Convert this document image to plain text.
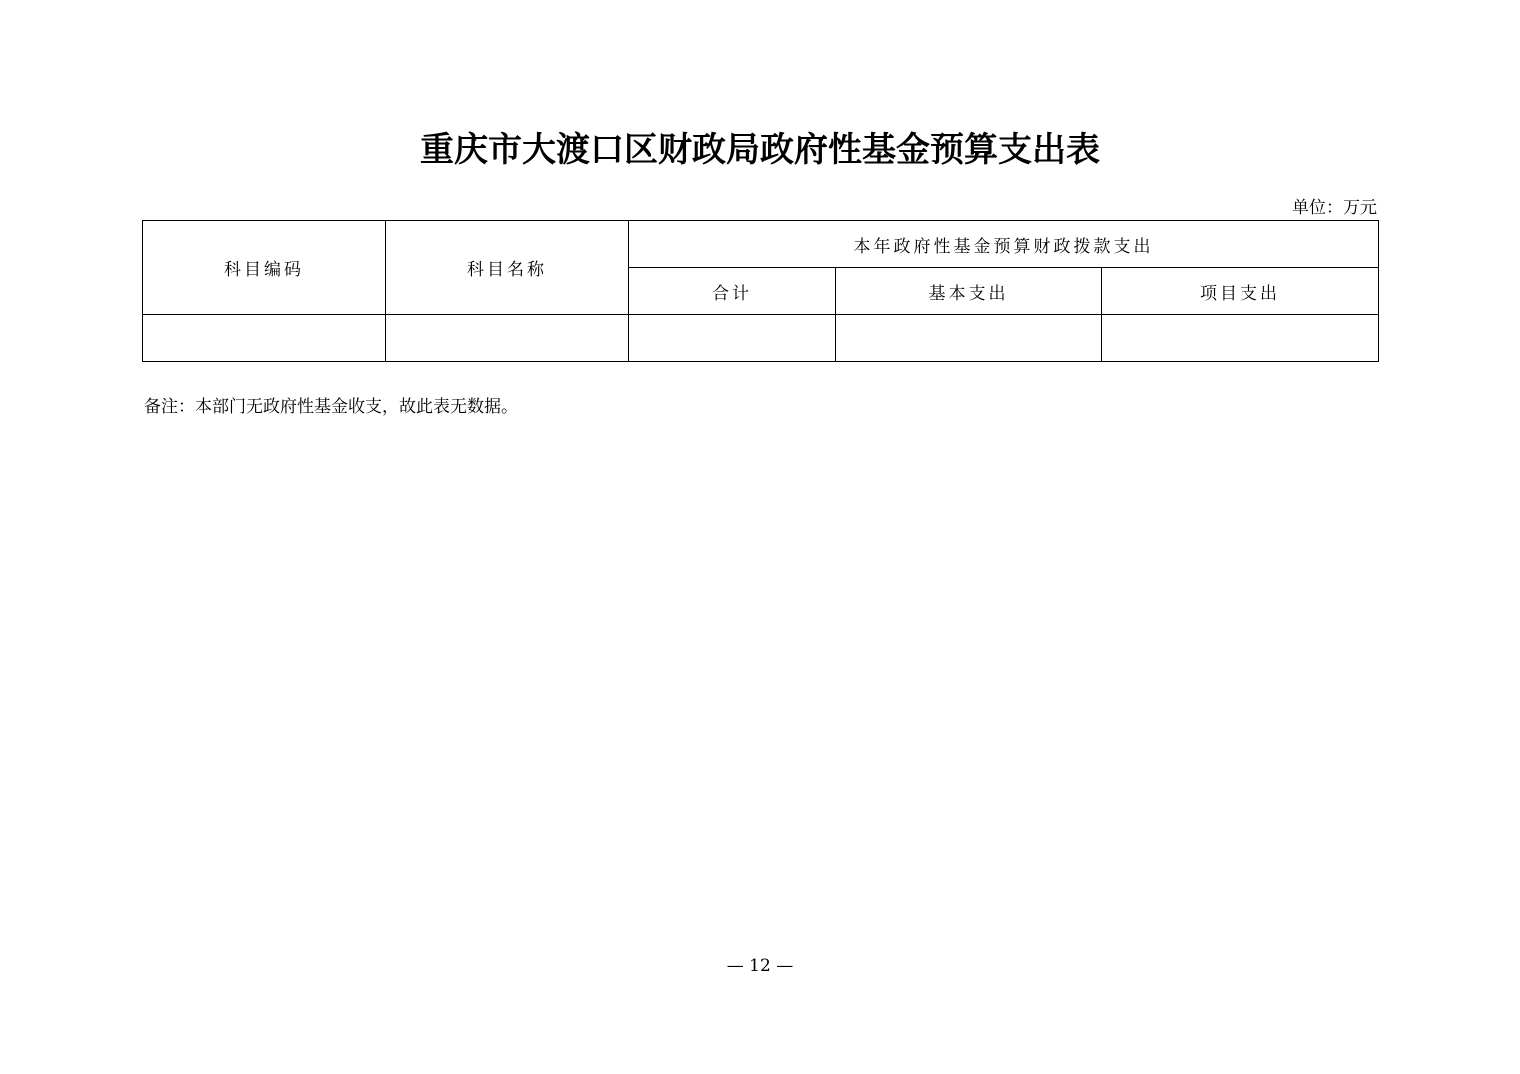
重庆市大渡口区财政局政府性基金预算支出表
单位：万元
科目编码	科目名称	本年政府性基金预算财政拨款支出		
		合计	基本支出	项目支出

备注：本部门无政府性基金收支，故此表无数据。
— 12 —
